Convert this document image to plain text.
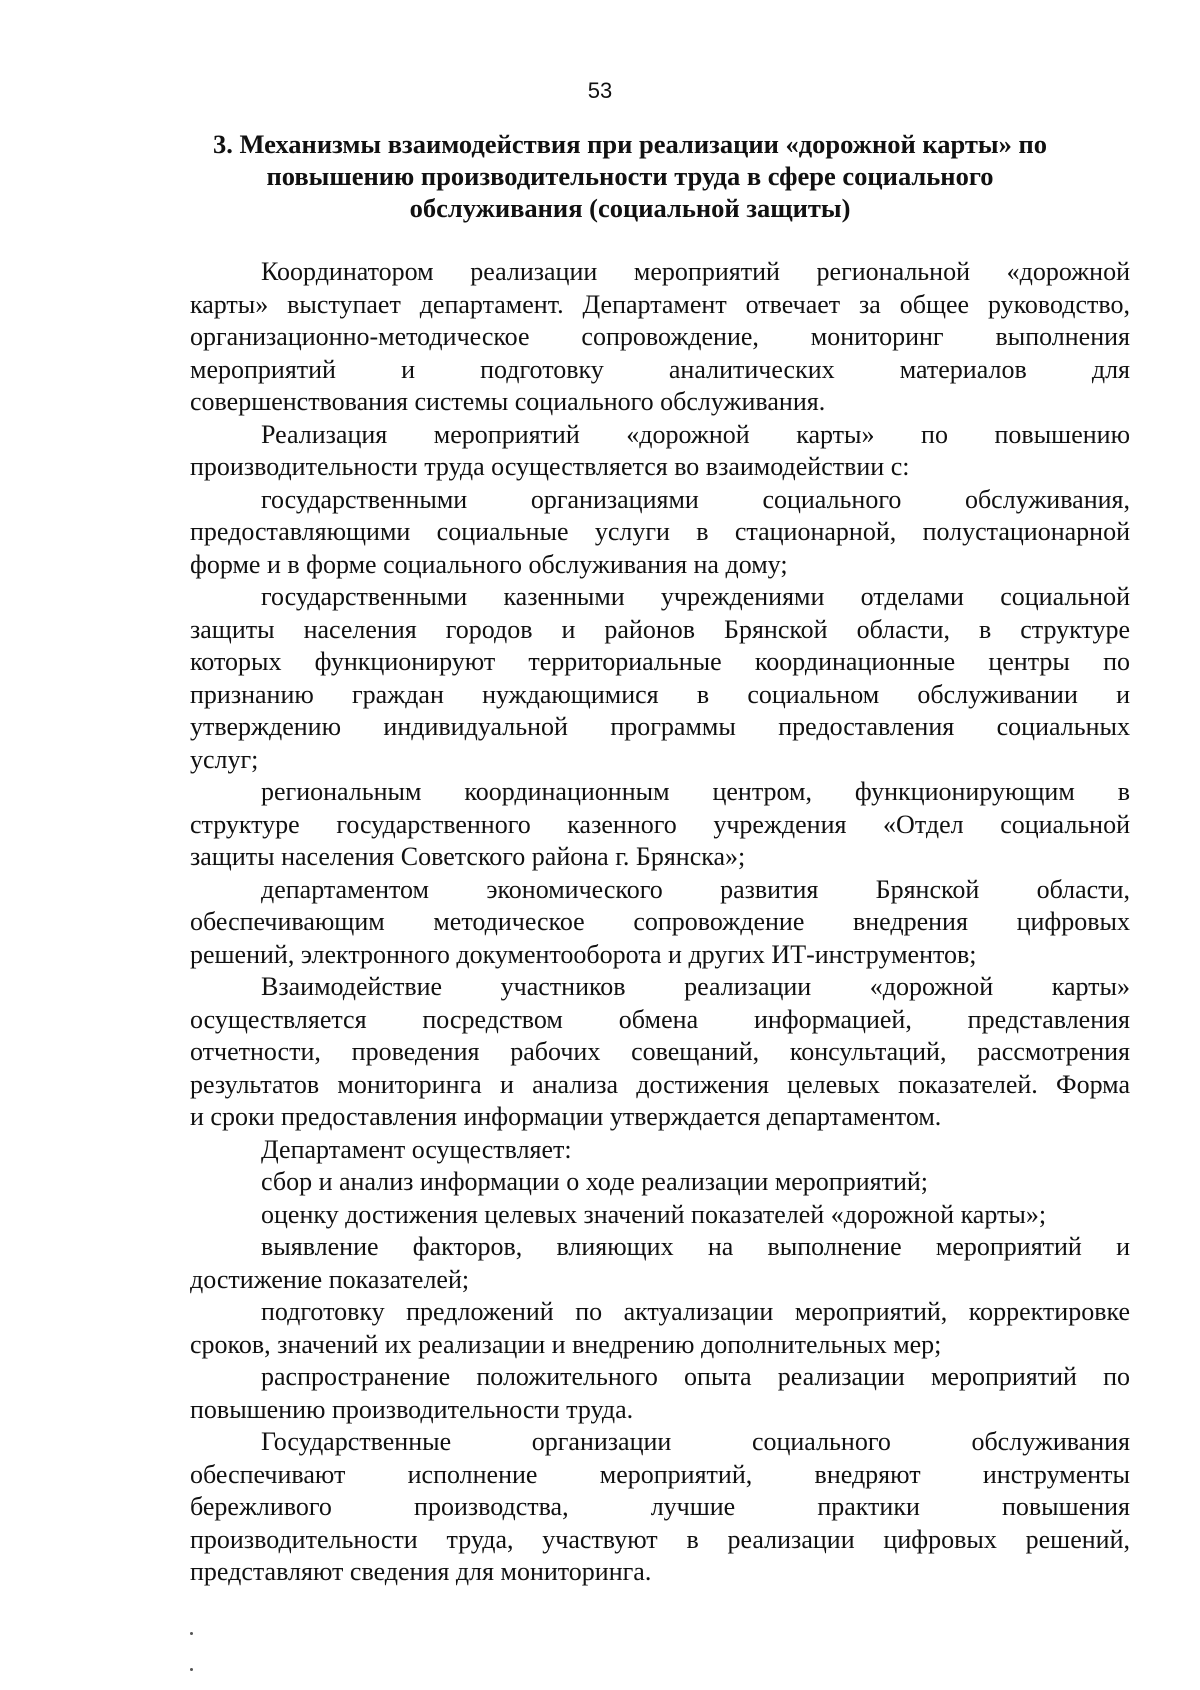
53
3. Механизмы взаимодействия при реализации «дорожной карты» по
повышению производительности труда в сфере социального
обслуживания (социальной защиты)
Координатором реализации мероприятий региональной «дорожной
карты» выступает департамент. Департамент отвечает за общее руководство,
организационно-методическое сопровождение, мониторинг выполнения
мероприятий и подготовку аналитических материалов для
совершенствования системы социального обслуживания.
Реализация мероприятий «дорожной карты» по повышению
производительности труда осуществляется во взаимодействии с:
государственными организациями социального обслуживания,
предоставляющими социальные услуги в стационарной, полустационарной
форме и в форме социального обслуживания на дому;
государственными казенными учреждениями отделами социальной
защиты населения городов и районов Брянской области, в структуре
которых функционируют территориальные координационные центры по
признанию граждан нуждающимися в социальном обслуживании и
утверждению индивидуальной программы предоставления социальных
услуг;
региональным координационным центром, функционирующим в
структуре государственного казенного учреждения «Отдел социальной
защиты населения Советского района г. Брянска»;
департаментом экономического развития Брянской области,
обеспечивающим методическое сопровождение внедрения цифровых
решений, электронного документооборота и других ИТ-инструментов;
Взаимодействие участников реализации «дорожной карты»
осуществляется посредством обмена информацией, представления
отчетности, проведения рабочих совещаний, консультаций, рассмотрения
результатов мониторинга и анализа достижения целевых показателей. Форма
и сроки предоставления информации утверждается департаментом.
Департамент осуществляет:
сбор и анализ информации о ходе реализации мероприятий;
оценку достижения целевых значений показателей «дорожной карты»;
выявление факторов, влияющих на выполнение мероприятий и
достижение показателей;
подготовку предложений по актуализации мероприятий, корректировке
сроков, значений их реализации и внедрению дополнительных мер;
распространение положительного опыта реализации мероприятий по
повышению производительности труда.
Государственные организации социального обслуживания
обеспечивают исполнение мероприятий, внедряют инструменты
бережливого производства, лучшие практики повышения
производительности труда, участвуют в реализации цифровых решений,
представляют сведения для мониторинга.
